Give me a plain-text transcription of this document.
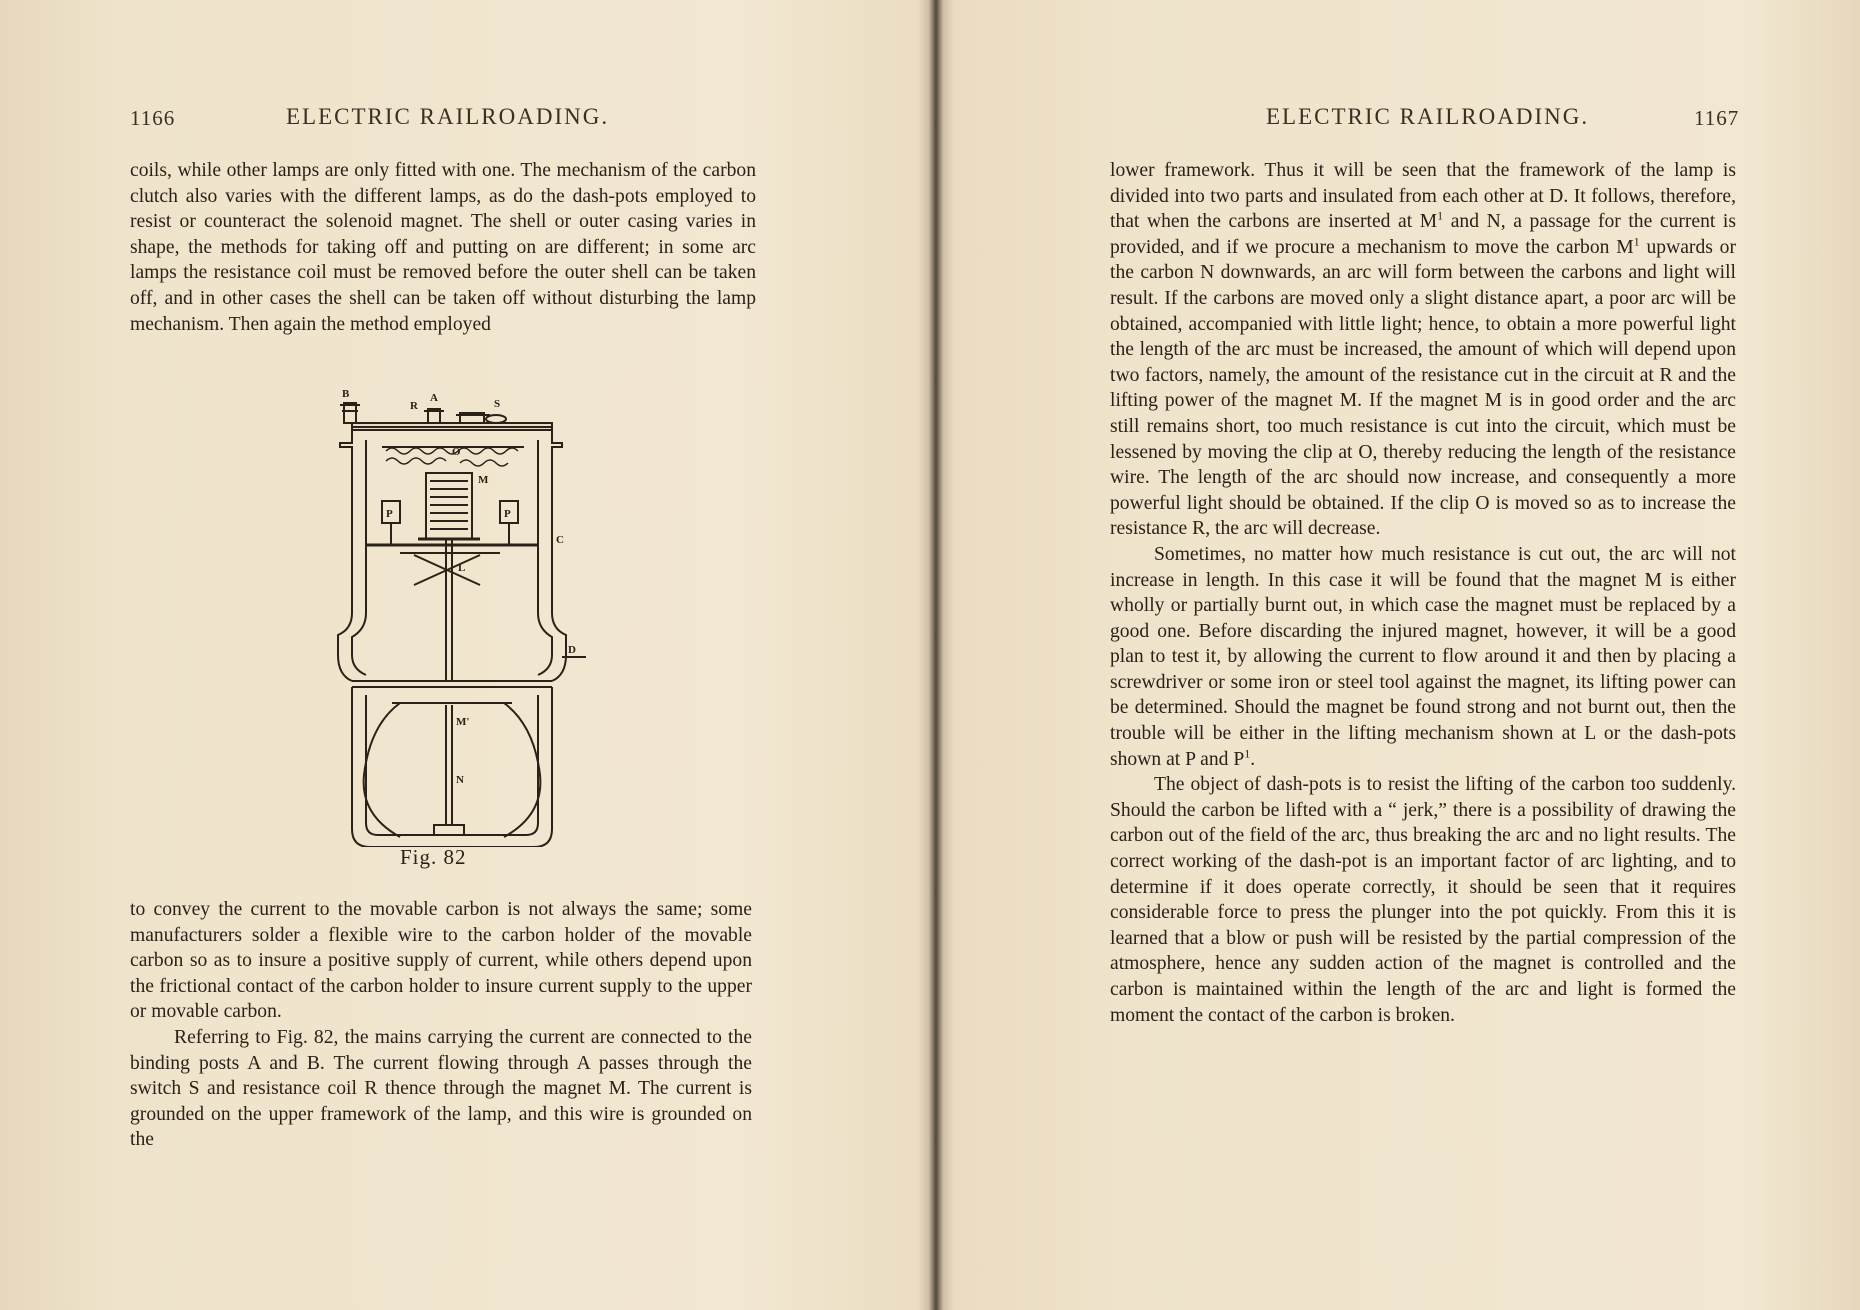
1166	ELECTRIC RAILROADING.

coils, while other lamps are only fitted with one. The mechanism of the carbon clutch also varies with the different lamps, as do the dash-pots employed to resist or counteract the solenoid magnet. The shell or outer casing varies in shape, the methods for taking off and putting on are different; in some arc lamps the resistance coil must be removed before the outer shell can be taken off, and in other cases the shell can be taken off without disturbing the lamp mechanism. Then again the method employed

B
R
A	S
O
M
P	P
C
L
D
M'
N
Fig. 82

to convey the current to the movable carbon is not always the same; some manufacturers solder a flexible wire to the carbon holder of the movable carbon so as to insure a positive supply of current, while others depend upon the frictional contact of the carbon holder to insure current supply to the upper or movable carbon.

Referring to Fig. 82, the mains carrying the current are connected to the binding posts A and B. The current flowing through A passes through the switch S and resistance coil R thence through the magnet M. The current is grounded on the upper framework of the lamp, and this wire is grounded on the

ELECTRIC RAILROADING.	1167

lower framework. Thus it will be seen that the framework of the lamp is divided into two parts and insulated from each other at D. It follows, therefore, that when the carbons are inserted at $M^1$ and N, a passage for the current is provided, and if we procure a mechanism to move the carbon $M^1$ upwards or the carbon N downwards, an arc will form between the carbons and light will result. If the carbons are moved only a slight distance apart, a poor arc will be obtained, accompanied with little light; hence, to obtain a more powerful light the length of the arc must be increased, the amount of which will depend upon two factors, namely, the amount of the resistance cut in the circuit at R and the lifting power of the magnet M. If the magnet M is in good order and the arc still remains short, too much resistance is cut into the circuit, which must be lessened by moving the clip at O, thereby reducing the length of the resistance wire. The length of the arc should now increase, and consequently a more powerful light should be obtained. If the clip O is moved so as to increase the resistance R, the arc will decrease.

Sometimes, no matter how much resistance is cut out, the arc will not increase in length. In this case it will be found that the magnet M is either wholly or partially burnt out, in which case the magnet must be replaced by a good one. Before discarding the injured magnet, however, it will be a good plan to test it, by allowing the current to flow around it and then by placing a screwdriver or some iron or steel tool against the magnet, its lifting power can be determined. Should the magnet be found strong and not burnt out, then the trouble will be either in the lifting mechanism shown at L or the dash-pots shown at P and $P^1$.

The object of dash-pots is to resist the lifting of the carbon too suddenly. Should the carbon be lifted with a “ jerk,” there is a possibility of drawing the carbon out of the field of the arc, thus breaking the arc and no light results. The correct working of the dash-pot is an important factor of arc lighting, and to determine if it does operate correctly, it should be seen that it requires considerable force to press the plunger into the pot quickly. From this it is learned that a blow or push will be resisted by the partial compression of the atmosphere, hence any sudden action of the magnet is controlled and the carbon is maintained within the length of the arc and light is formed the moment the contact of the carbon is broken.
